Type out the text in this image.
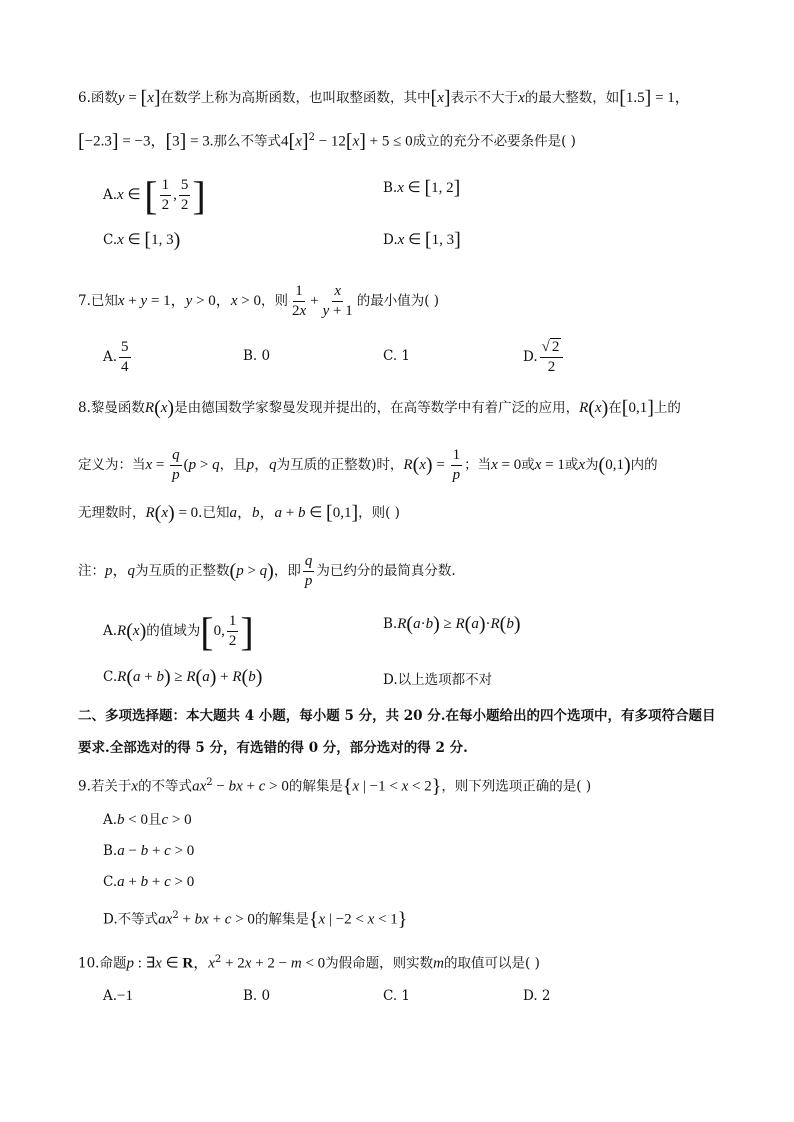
6.函数y = [x]在数学上称为高斯函数，也叫取整函数，其中[x]表示不大于x的最大整数，如[1.5] = 1，
[−2.3] = −3，[3] = 3.那么不等式$4[x]^2 - 12[x] + 5 \le 0$成立的充分不必要条件是( )
A.x ∈ [ $\frac{1}{2}$ , $\frac{5}{2}$ ]	B.x ∈ [1, 2]
C.x ∈ [1, 3)	D.x ∈ [1, 3]
7.已知x + y = 1，y > 0，x > 0，则 $\frac{1}{2x} + \frac{x}{y + 1}$ 的最小值为( )
A. $\frac{5}{4}$	B. 0	C. 1	D. $\frac{√ 2}{2}$
8.黎曼函数R(x)是由德国数学家黎曼发现并提出的，在高等数学中有着广泛的应用，R(x)在[0,1]上的
定义为：当$x = \frac{q}{p} (p > q$，且p，q为互质的正整数)时，$R(x) = \frac{1}{p}$ ；当x = 0或x = 1或x为(0,1)内的
无理数时，R(x) = 0.已知a，b，a + b ∈ [0,1]，则( )
注：p，q为互质的正整数(p > q)，即 $\frac{q}{p}$ 为已约分的最简真分数.
A.R(x)的值域为[0, $\frac{1}{2}$ ]	B.R(a·b) ≥ R(a)·R(b)
C.R(a + b) ≥ R(a) + R(b)	D.以上选项都不对
二、多项选择题：本大题共 4 小题，每小题 5 分，共 20 分.在每小题给出的四个选项中，有多项符合题目
要求.全部选对的得 5 分，有选错的得 0 分，部分选对的得 2 分.
9.若关于x的不等式$ax^2$ − bx + c > 0的解集是{x | −1 < x < 2}，则下列选项正确的是( )
A.b < 0且c > 0
B.a − b + c > 0
C.a + b + c > 0
D.不等式$ax^2$ + bx + c > 0的解集是{x | −2 < x < 1}
10.命题p : ∃x ∈ R，$x^2 + 2x + 2 - m < 0$为假命题，则实数m的取值可以是( )
A.−1	B. 0	C. 1	D. 2
